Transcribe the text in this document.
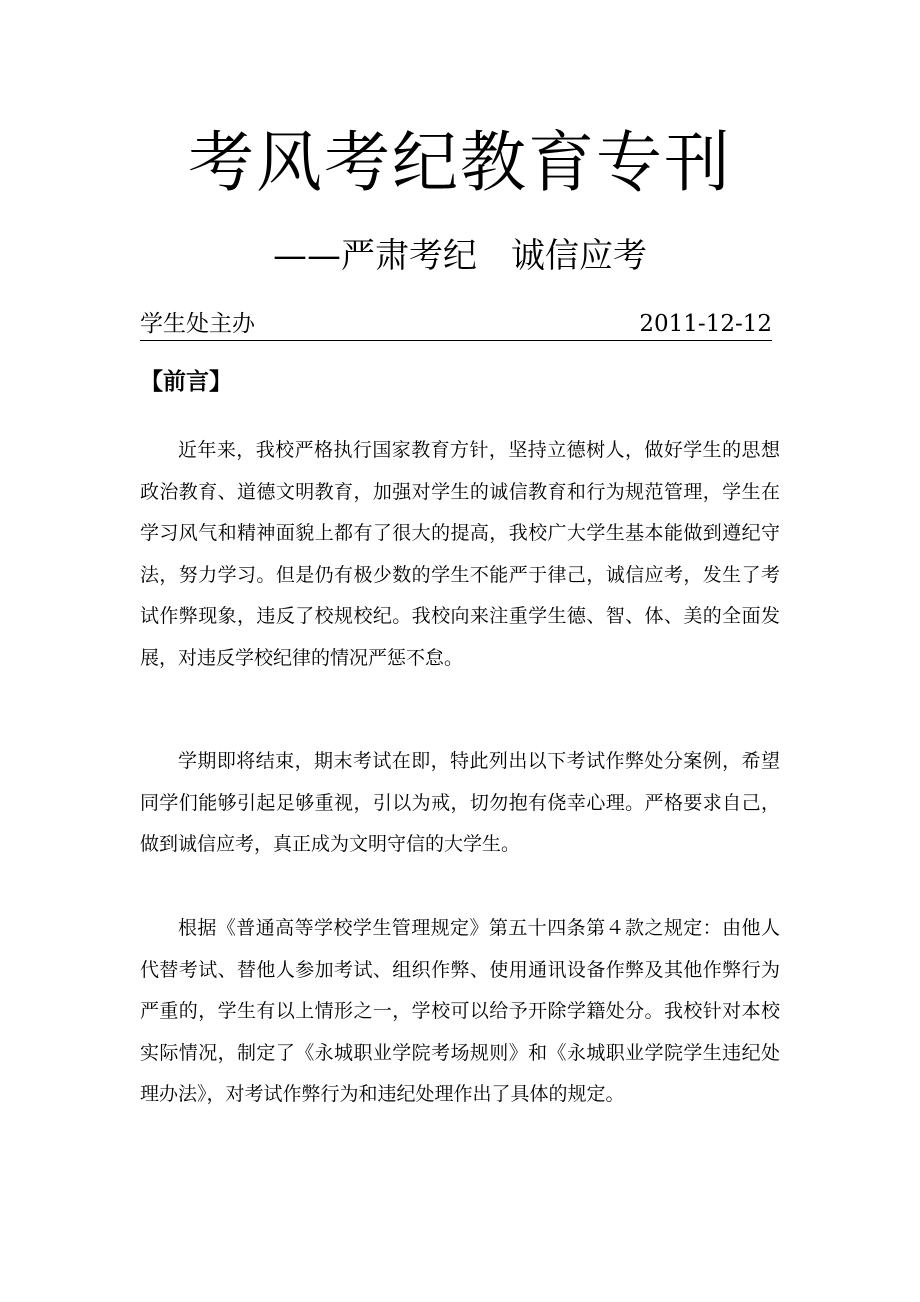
考风考纪教育专刊
——严肃考纪　诚信应考
学生处主办	2011-12-12
【前言】

近年来，我校严格执行国家教育方针，坚持立德树人，做好学生的思想政治教育、道德文明教育，加强对学生的诚信教育和行为规范管理，学生在学习风气和精神面貌上都有了很大的提高，我校广大学生基本能做到遵纪守法，努力学习。但是仍有极少数的学生不能严于律己，诚信应考，发生了考试作弊现象，违反了校规校纪。我校向来注重学生德、智、体、美的全面发展，对违反学校纪律的情况严惩不怠。

学期即将结束，期末考试在即，特此列出以下考试作弊处分案例，希望同学们能够引起足够重视，引以为戒，切勿抱有侥幸心理。严格要求自己，做到诚信应考，真正成为文明守信的大学生。

根据《普通高等学校学生管理规定》第五十四条第４款之规定：由他人代替考试、替他人参加考试、组织作弊、使用通讯设备作弊及其他作弊行为严重的，学生有以上情形之一，学校可以给予开除学籍处分。我校针对本校实际情况，制定了《永城职业学院考场规则》和《永城职业学院学生违纪处理办法》，对考试作弊行为和违纪处理作出了具体的规定。
